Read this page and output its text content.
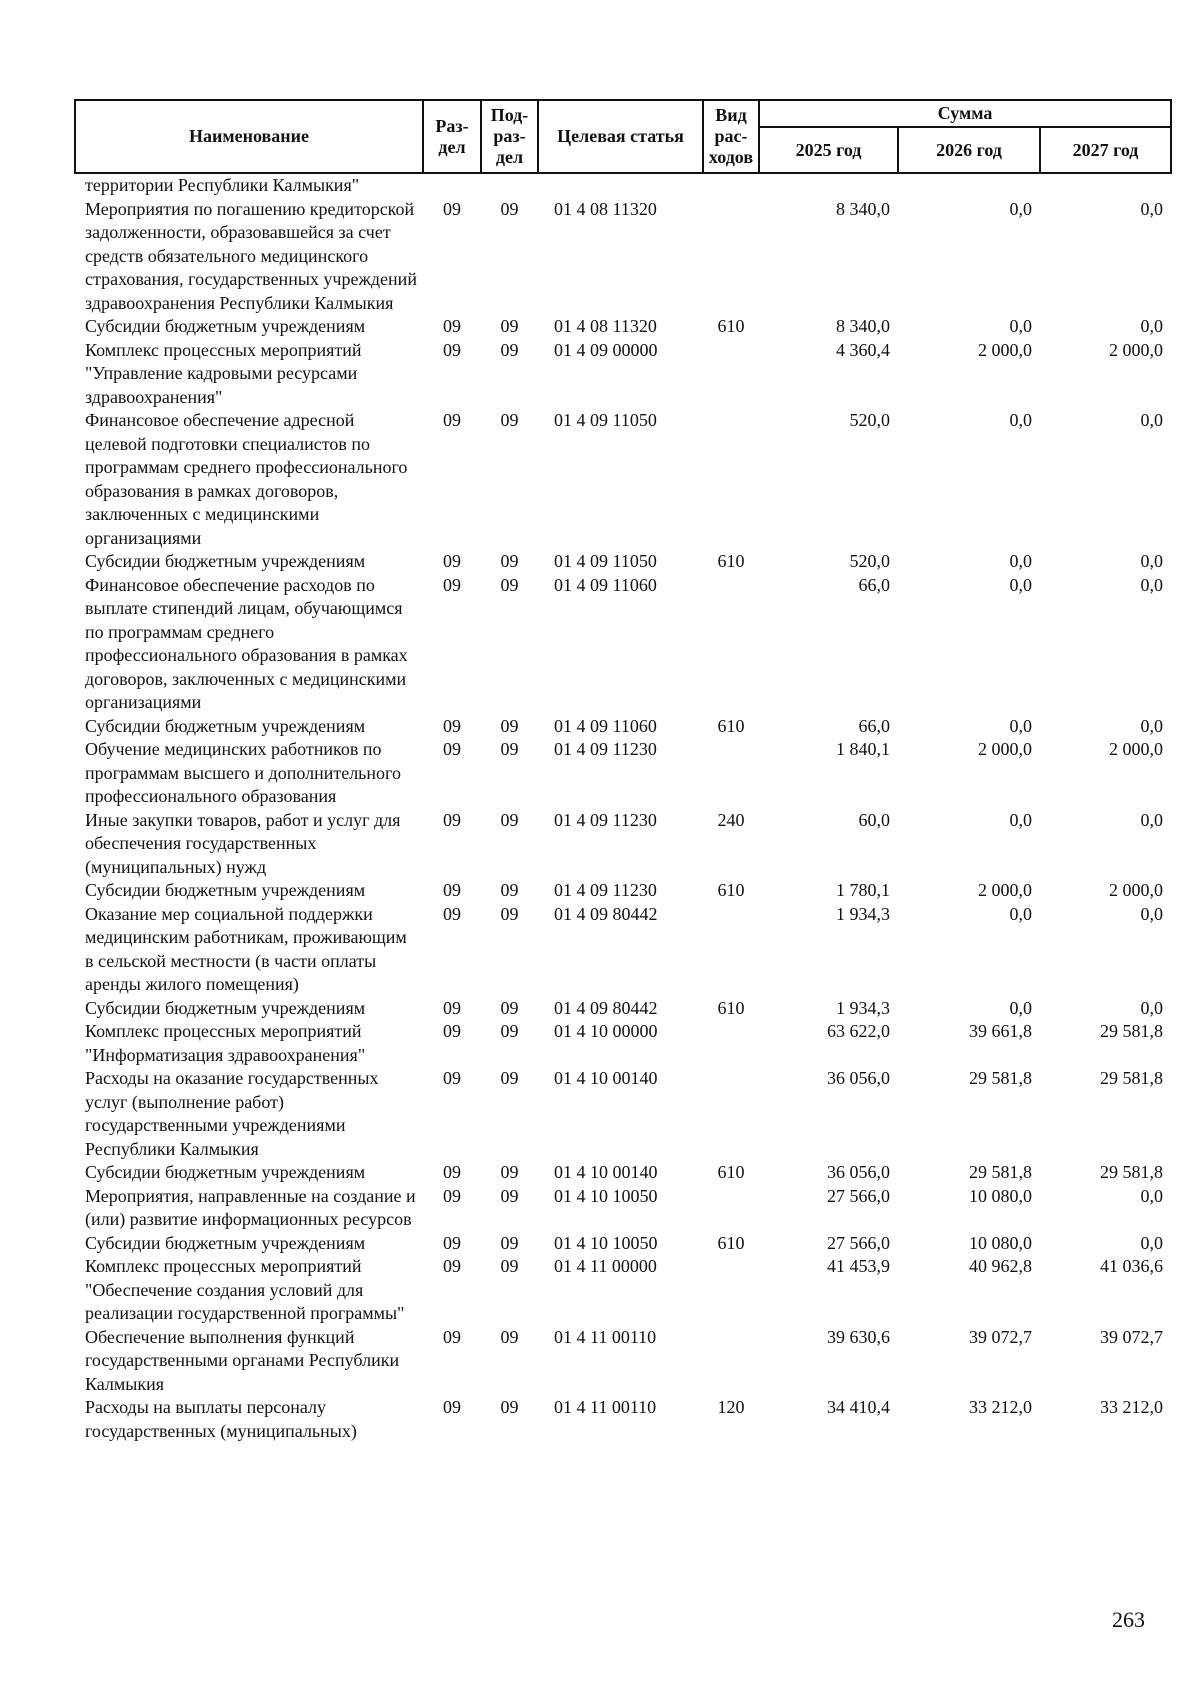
Наименование	Раз-дел	Под-раз-дел	Целевая статья	Вид рас-ходов	Сумма		
					2025 год	2026 год	2027 год
территории Республики Калмыкия"							
Мероприятия по погашению кредиторской задолженности, образовавшейся за счет средств обязательного медицинского страхования, государственных учреждений здравоохранения Республики Калмыкия	09	09	01 4 08 11320		8 340,0	0,0	0,0
Субсидии бюджетным учреждениям	09	09	01 4 08 11320	610	8 340,0	0,0	0,0
Комплекс процессных мероприятий "Управление кадровыми ресурсами здравоохранения"	09	09	01 4 09 00000		4 360,4	2 000,0	2 000,0
Финансовое обеспечение адресной целевой подготовки специалистов по программам среднего профессионального образования в рамках договоров, заключенных с медицинскими организациями	09	09	01 4 09 11050		520,0	0,0	0,0
Субсидии бюджетным учреждениям	09	09	01 4 09 11050	610	520,0	0,0	0,0
Финансовое обеспечение расходов по выплате стипендий лицам, обучающимся по программам среднего профессионального образования в рамках договоров, заключенных с медицинскими организациями	09	09	01 4 09 11060		66,0	0,0	0,0
Субсидии бюджетным учреждениям	09	09	01 4 09 11060	610	66,0	0,0	0,0
Обучение медицинских работников по программам высшего и дополнительного профессионального образования	09	09	01 4 09 11230		1 840,1	2 000,0	2 000,0
Иные закупки товаров, работ и услуг для обеспечения государственных (муниципальных) нужд	09	09	01 4 09 11230	240	60,0	0,0	0,0
Субсидии бюджетным учреждениям	09	09	01 4 09 11230	610	1 780,1	2 000,0	2 000,0
Оказание мер социальной поддержки медицинским работникам, проживающим в сельской местности (в части оплаты аренды жилого помещения)	09	09	01 4 09 80442		1 934,3	0,0	0,0
Субсидии бюджетным учреждениям	09	09	01 4 09 80442	610	1 934,3	0,0	0,0
Комплекс процессных мероприятий "Информатизация здравоохранения"	09	09	01 4 10 00000		63 622,0	39 661,8	29 581,8
Расходы на оказание государственных услуг (выполнение работ) государственными учреждениями Республики Калмыкия	09	09	01 4 10 00140		36 056,0	29 581,8	29 581,8
Субсидии бюджетным учреждениям	09	09	01 4 10 00140	610	36 056,0	29 581,8	29 581,8
Мероприятия, направленные на создание и (или) развитие информационных ресурсов	09	09	01 4 10 10050		27 566,0	10 080,0	0,0
Субсидии бюджетным учреждениям	09	09	01 4 10 10050	610	27 566,0	10 080,0	0,0
Комплекс процессных мероприятий "Обеспечение создания условий для реализации государственной программы"	09	09	01 4 11 00000		41 453,9	40 962,8	41 036,6
Обеспечение выполнения функций государственными органами Республики Калмыкия	09	09	01 4 11 00110		39 630,6	39 072,7	39 072,7
Расходы на выплаты персоналу государственных (муниципальных)	09	09	01 4 11 00110	120	34 410,4	33 212,0	33 212,0
263
